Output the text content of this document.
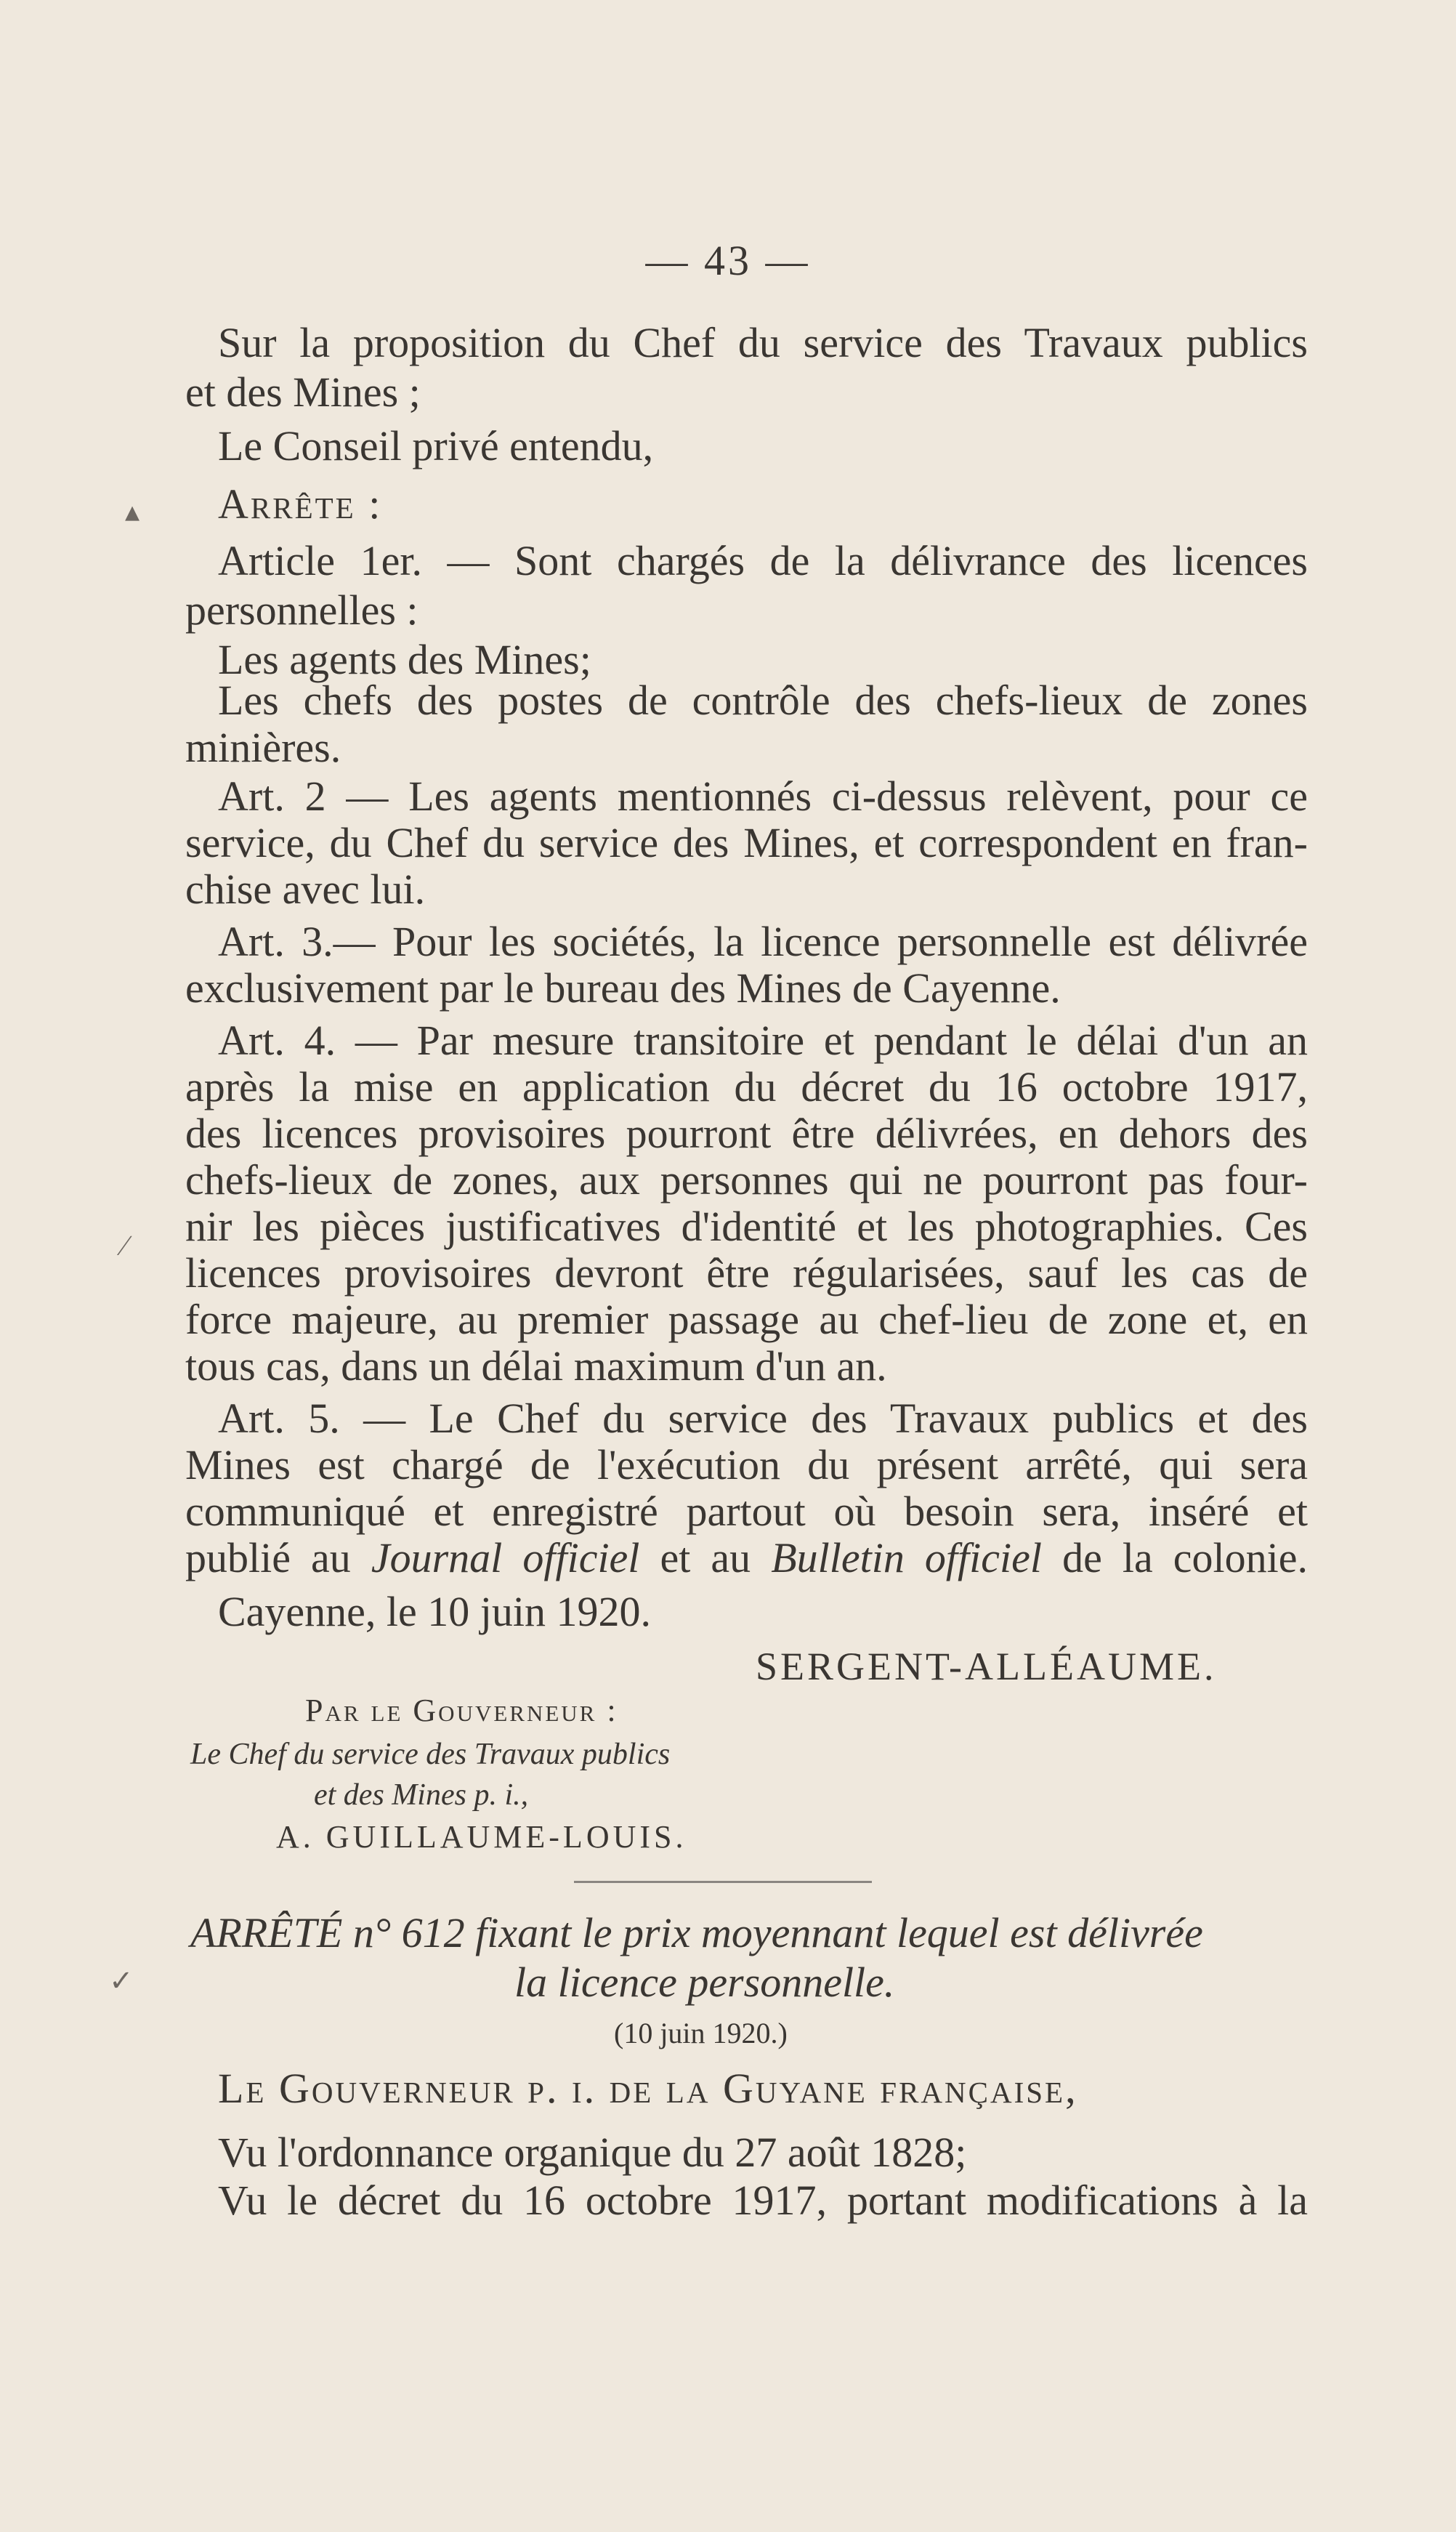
— 43 —
Sur la proposition du Chef du service des Travaux publics
et des Mines ;
Le Conseil privé entendu,
Arrête :
Article 1er. — Sont chargés de la délivrance des licences
personnelles :
Les agents des Mines;
Les chefs des postes de contrôle des chefs-lieux de zones
minières.
Art. 2 — Les agents mentionnés ci-dessus relèvent, pour ce
service, du Chef du service des Mines, et correspondent en fran-
chise avec lui.
Art. 3.— Pour les sociétés, la licence personnelle est délivrée
exclusivement par le bureau des Mines de Cayenne.
Art. 4. — Par mesure transitoire et pendant le délai d'un an
après la mise en application du décret du 16 octobre 1917,
des licences provisoires pourront être délivrées, en dehors des
chefs-lieux de zones, aux personnes qui ne pourront pas four-
nir les pièces justificatives d'identité et les photographies. Ces
licences provisoires devront être régularisées, sauf les cas de
force majeure, au premier passage au chef-lieu de zone et, en
tous cas, dans un délai maximum d'un an.
Art. 5. — Le Chef du service des Travaux publics et des
Mines est chargé de l'exécution du présent arrêté, qui sera
communiqué et enregistré partout où besoin sera, inséré et
publié au Journal officiel et au Bulletin officiel de la colonie.
Cayenne, le 10 juin 1920.
SERGENT-ALLÉAUME.
Par le Gouverneur :
Le Chef du service des Travaux publics
et des Mines p. i.,
A. GUILLAUME-LOUIS.
ARRÊTÉ n° 612 fixant le prix moyennant lequel est délivrée
la licence personnelle.
(10 juin 1920.)
Le Gouverneur p. i. de la Guyane française,
Vu l'ordonnance organique du 27 août 1828;
Vu le décret du 16 octobre 1917, portant modifications à la
▴
∕
✓
